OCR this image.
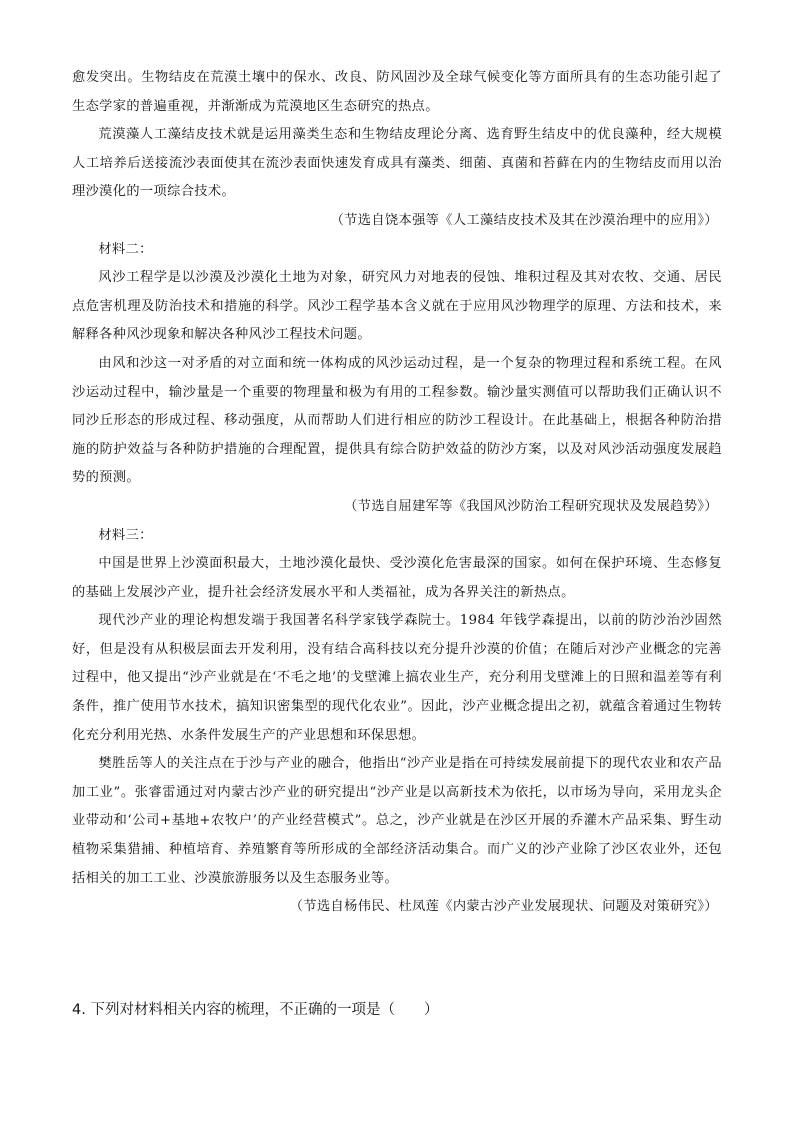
愈发突出。生物结皮在荒漠土壤中的保水、改良、防风固沙及全球气候变化等方面所具有的生态功能引起了生态学家的普遍重视，并渐渐成为荒漠地区生态研究的热点。

荒漠藻人工藻结皮技术就是运用藻类生态和生物结皮理论分离、选育野生结皮中的优良藻种，经大规模人工培养后送接流沙表面使其在流沙表面快速发育成具有藻类、细菌、真菌和苔藓在内的生物结皮而用以治理沙漠化的一项综合技术。

（节选自饶本强等《人工藻结皮技术及其在沙漠治理中的应用》）

材料二：

风沙工程学是以沙漠及沙漠化土地为对象，研究风力对地表的侵蚀、堆积过程及其对农牧、交通、居民点危害机理及防治技术和措施的科学。风沙工程学基本含义就在于应用风沙物理学的原理、方法和技术，来解释各种风沙现象和解决各种风沙工程技术问题。

由风和沙这一对矛盾的对立面和统一体构成的风沙运动过程，是一个复杂的物理过程和系统工程。在风沙运动过程中，输沙量是一个重要的物理量和极为有用的工程参数。输沙量实测值可以帮助我们正确认识不同沙丘形态的形成过程、移动强度，从而帮助人们进行相应的防沙工程设计。在此基础上，根据各种防治措施的防护效益与各种防护措施的合理配置，提供具有综合防护效益的防沙方案，以及对风沙活动强度发展趋势的预测。

（节选自屈建军等《我国风沙防治工程研究现状及发展趋势》）

材料三：

中国是世界上沙漠面积最大，土地沙漠化最快、受沙漠化危害最深的国家。如何在保护环境、生态修复的基础上发展沙产业，提升社会经济发展水平和人类福祉，成为各界关注的新热点。

现代沙产业的理论构想发端于我国著名科学家钱学森院士。1984 年钱学森提出，以前的防沙治沙固然好，但是没有从积极层面去开发利用，没有结合高科技以充分提升沙漠的价值；在随后对沙产业概念的完善过程中，他又提出“沙产业就是在‘不毛之地’的戈壁滩上搞农业生产，充分利用戈壁滩上的日照和温差等有利条件，推广使用节水技术，搞知识密集型的现代化农业”。因此，沙产业概念提出之初，就蕴含着通过生物转化充分利用光热、水条件发展生产的产业思想和环保思想。

樊胜岳等人的关注点在于沙与产业的融合，他指出“沙产业是指在可持续发展前提下的现代农业和农产品加工业”。张睿雷通过对内蒙古沙产业的研究提出“沙产业是以高新技术为依托，以市场为导向，采用龙头企业带动和‘公司+基地+农牧户’的产业经营模式”。总之，沙产业就是在沙区开展的乔灌木产品采集、野生动植物采集猎捕、种植培育、养殖繁育等所形成的全部经济活动集合。而广义的沙产业除了沙区农业外，还包括相关的加工工业、沙漠旅游服务以及生态服务业等。

（节选自杨伟民、杜凤莲《内蒙古沙产业发展现状、问题及对策研究》）

4. 下列对材料相关内容的梳理，不正确的一项是（　　）
